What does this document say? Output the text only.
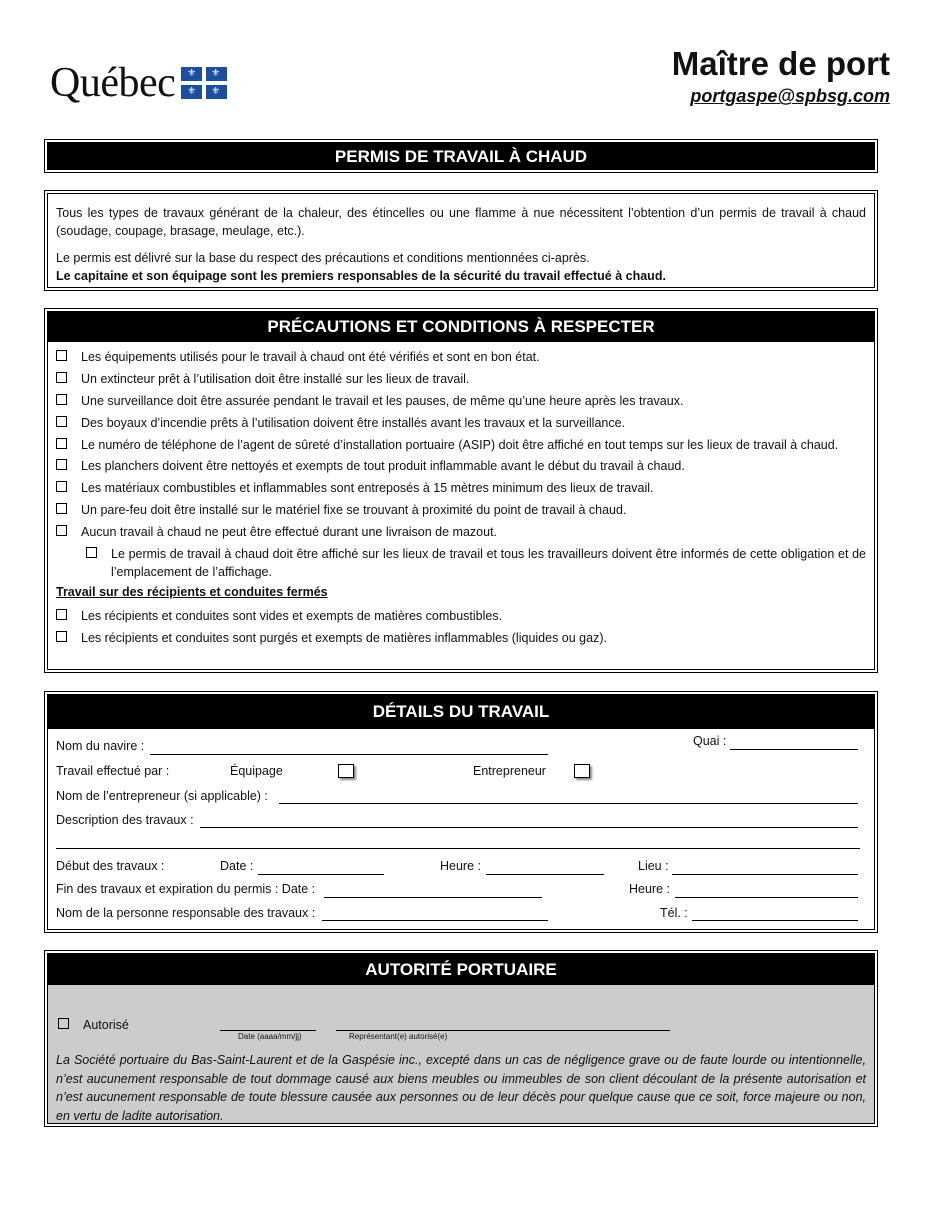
Québec ⚜ ⚜
⚜ ⚜
Maître de port
portgaspe@spbsg.com
PERMIS DE TRAVAIL À CHAUD

Tous les types de travaux générant de la chaleur, des étincelles ou une flamme à nue nécessitent l’obtention d’un permis de travail à chaud (soudage, coupage, brasage, meulage, etc.).

Le permis est délivré sur la base du respect des précautions et conditions mentionnées ci-après.

Le capitaine et son équipage sont les premiers responsables de la sécurité du travail effectué à chaud.

PRÉCAUTIONS ET CONDITIONS À RESPECTER
Les équipements utilisés pour le travail à chaud ont été vérifiés et sont en bon état.
Un extincteur prêt à l’utilisation doit être installé sur les lieux de travail.
Une surveillance doit être assurée pendant le travail et les pauses, de même qu’une heure après les travaux.
Des boyaux d’incendie prêts à l’utilisation doivent être installés avant les travaux et la surveillance.
Le numéro de téléphone de l’agent de sûreté d’installation portuaire (ASIP) doit être affiché en tout temps sur les lieux de travail à chaud.
Les planchers doivent être nettoyés et exempts de tout produit inflammable avant le début du travail à chaud.
Les matériaux combustibles et inflammables sont entreposés à 15 mètres minimum des lieux de travail.
Un pare-feu doit être installé sur le matériel fixe se trouvant à proximité du point de travail à chaud.
Aucun travail à chaud ne peut être effectué durant une livraison de mazout.
Le permis de travail à chaud doit être affiché sur les lieux de travail et tous les travailleurs doivent être informés de cette obligation et de l’emplacement de l’affichage.
Travail sur des récipients et conduites fermés
Les récipients et conduites sont vides et exempts de matières combustibles.
Les récipients et conduites sont purgés et exempts de matières inflammables (liquides ou gaz).
DÉTAILS DU TRAVAIL
Nom du navire :	Quai :
Travail effectué par :	Équipage	Entrepreneur
Nom de l’entrepreneur (si applicable) :
Description des travaux :
Début des travaux :	Date :	Heure :	Lieu :
Fin des travaux et expiration du permis : Date :	Heure :
Nom de la personne responsable des travaux :	Tél. :
AUTORITÉ PORTUAIRE
Autorisé
Date (aaaa/mm/jj)	Représentant(e) autorisé(e)
La Société portuaire du Bas-Saint-Laurent et de la Gaspésie inc., excepté dans un cas de négligence grave ou de faute lourde ou intentionnelle, n’est aucunement responsable de tout dommage causé aux biens meubles ou immeubles de son client découlant de la présente autorisation et n’est aucunement responsable de toute blessure causée aux personnes ou de leur décès pour quelque cause que ce soit, force majeure ou non, en vertu de ladite autorisation.
